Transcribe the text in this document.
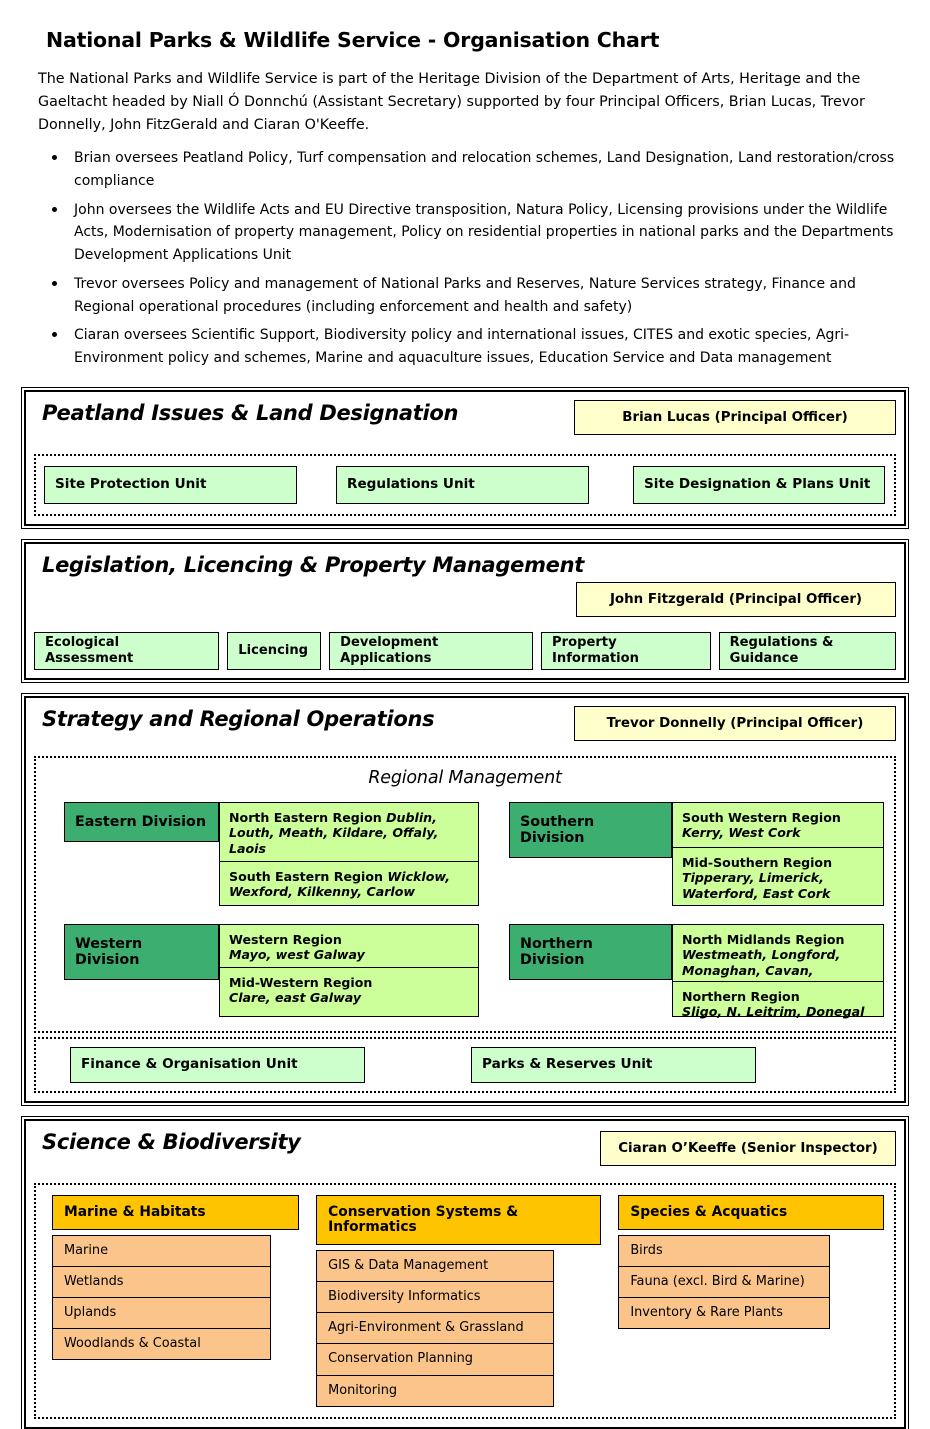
National Parks & Wildlife Service - Organisation Chart

The National Parks and Wildlife Service is part of the Heritage Division of the Department of Arts, Heritage and the Gaeltacht headed by Niall Ó Donnchú (Assistant Secretary) supported by four Principal Officers, Brian Lucas, Trevor Donnelly, John FitzGerald and Ciaran O'Keeffe.

Brian oversees Peatland Policy, Turf compensation and relocation schemes, Land Designation, Land restoration/cross compliance
John oversees the Wildlife Acts and EU Directive transposition, Natura Policy, Licensing provisions under the Wildlife Acts, Modernisation of property management, Policy on residential properties in national parks and the Departments Development Applications Unit
Trevor oversees Policy and management of National Parks and Reserves, Nature Services strategy, Finance and Regional operational procedures (including enforcement and health and safety)
Ciaran oversees Scientific Support, Biodiversity policy and international issues, CITES and exotic species, Agri-Environment policy and schemes, Marine and aquaculture issues, Education Service and Data management
Peatland Issues & Land Designation	Brian Lucas (Principal Officer)
Site Protection Unit	Regulations Unit	Site Designation & Plans Unit
Legislation, Licencing & Property Management
John Fitzgerald (Principal Officer)
Ecological Assessment
Licencing
Development Applications
Property Information
Regulations & Guidance
Strategy and Regional Operations	Trevor Donnelly (Principal Officer)
Regional Management
Eastern Division	North Eastern Region Dublin, Louth, Meath, Kildare, Offaly, Laois
South Eastern Region Wicklow, Wexford, Kilkenny, Carlow
Southern Division
South Western Region
Kerry, West Cork
Mid-Southern Region
Tipperary, Limerick, Waterford, East Cork
Western Division
Western Region
Mayo, west Galway
Mid-Western Region
Clare, east Galway
Northern Division
North Midlands Region
Westmeath, Longford, Monaghan, Cavan,
Northern Region
Sligo, N. Leitrim, Donegal
Finance & Organisation Unit	Parks & Reserves Unit
Science & Biodiversity	Ciaran O’Keeffe (Senior Inspector)
Marine & Habitats
Marine
Wetlands
Uplands
Woodlands & Coastal
Conservation Systems & Informatics
GIS & Data Management
Biodiversity Informatics
Agri-Environment & Grassland
Conservation Planning
Monitoring
Species & Acquatics
Birds
Fauna (excl. Bird & Marine)
Inventory & Rare Plants
